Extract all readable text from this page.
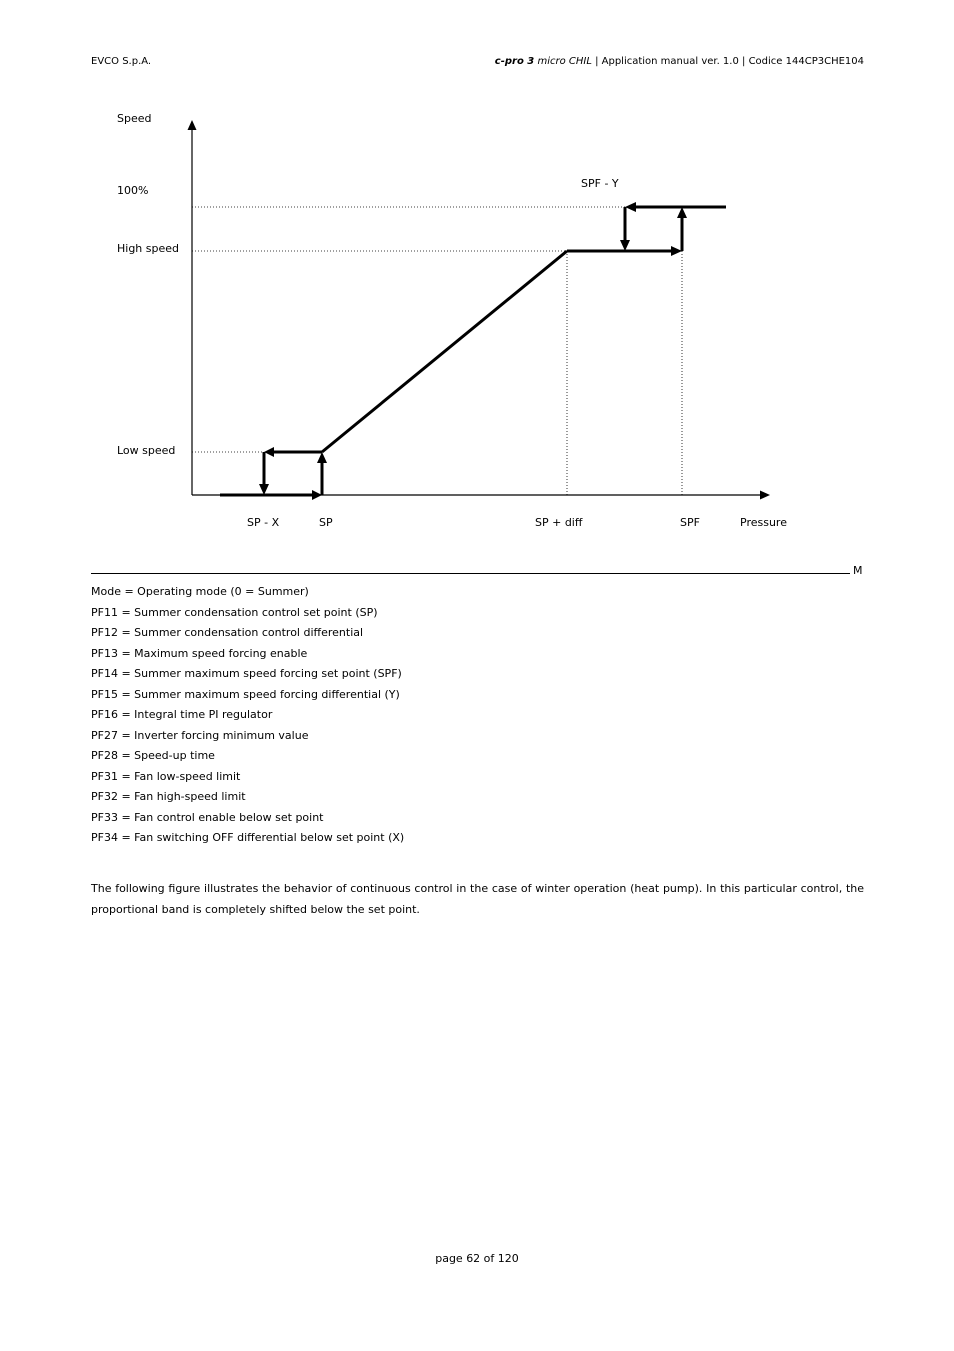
EVCO S.p.A.	c-pro 3 micro CHIL | Application manual ver. 1.0 | Codice 144CP3CHE104
Speed
100%
High speed
Low speed
SPF - Y
SP - X	SP	SP + diff	SPF	Pressure
M
Mode = Operating mode (0 = Summer)
PF11 = Summer condensation control set point (SP)
PF12 = Summer condensation control differential
PF13 = Maximum speed forcing enable
PF14 = Summer maximum speed forcing set point (SPF)
PF15 = Summer maximum speed forcing differential (Y)
PF16 = Integral time PI regulator
PF27 = Inverter forcing minimum value
PF28 = Speed-up time
PF31 = Fan low-speed limit
PF32 = Fan high-speed limit
PF33 = Fan control enable below set point
PF34 = Fan switching OFF differential below set point (X)

The following figure illustrates the behavior of continuous control in the case of winter operation (heat pump). In this particular control, the proportional band is completely shifted below the set point.

page 62 of 120
